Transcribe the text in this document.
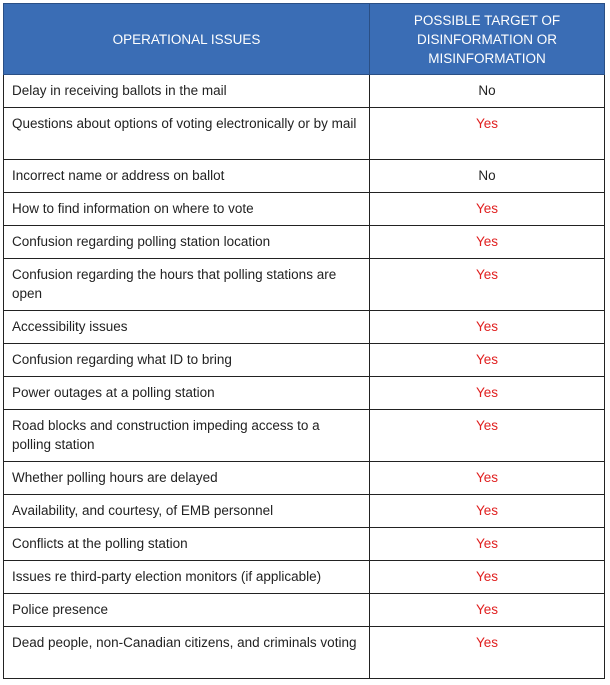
OPERATIONAL ISSUES	POSSIBLE TARGET OF DISINFORMATION OR MISINFORMATION
Delay in receiving ballots in the mail	No
Questions about options of voting electronically or by mail	Yes
Incorrect name or address on ballot	No
How to find information on where to vote	Yes
Confusion regarding polling station location	Yes
Confusion regarding the hours that polling stations are open	Yes
Accessibility issues	Yes
Confusion regarding what ID to bring	Yes
Power outages at a polling station	Yes
Road blocks and construction impeding access to a polling station	Yes
Whether polling hours are delayed	Yes
Availability, and courtesy, of EMB personnel	Yes
Conflicts at the polling station	Yes
Issues re third-party election monitors (if applicable)	Yes
Police presence	Yes
Dead people, non-Canadian citizens, and criminals voting	Yes
